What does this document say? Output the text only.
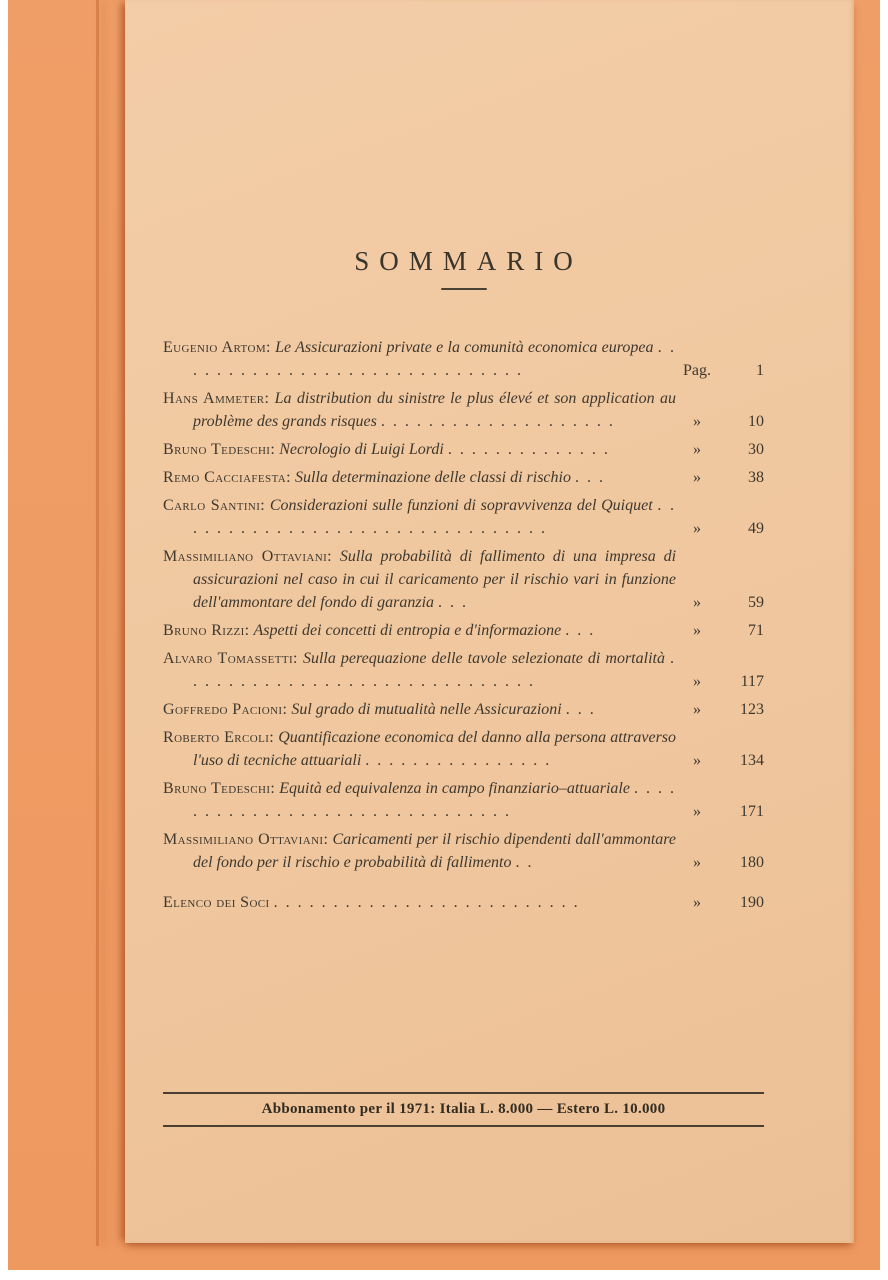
SOMMARIO
Eugenio Artom: Le Assicurazioni private e la comunità economica europea . . . . . . . . . . . . . . . . . . . . . . . . . . . . . .	Pag.	1
Hans Ammeter: La distribution du sinistre le plus élevé et son application au problème des grands risques . . . . . . . . . . . . . . . . . . . .	»	10
Bruno Tedeschi: Necrologio di Luigi Lordi . . . . . . . . . . . . . .	»	30
Remo Cacciafesta: Sulla determinazione delle classi di rischio . . .	»	38
Carlo Santini: Considerazioni sulle funzioni di sopravvivenza del Quiquet . . . . . . . . . . . . . . . . . . . . . . . . . . . . . . . .	»	49
Massimiliano Ottaviani: Sulla probabilità di fallimento di una impresa di assicurazioni nel caso in cui il caricamento per il rischio vari in funzione dell'ammontare del fondo di garanzia . . .	»	59
Bruno Rizzi: Aspetti dei concetti di entropia e d'informazione . . .	»	71
Alvaro Tomassetti: Sulla perequazione delle tavole selezionate di mortalità . . . . . . . . . . . . . . . . . . . . . . . . . . . . . .	»	117
Goffredo Pacioni: Sul grado di mutualità nelle Assicurazioni . . .	»	123
Roberto Ercoli: Quantificazione economica del danno alla persona attraverso l'uso di tecniche attuariali . . . . . . . . . . . . . . . .	»	134
Bruno Tedeschi: Equità ed equivalenza in campo finanziario–attuariale . . . . . . . . . . . . . . . . . . . . . . . . . . . . . . .	»	171
Massimiliano Ottaviani: Caricamenti per il rischio dipendenti dall'ammontare del fondo per il rischio e probabilità di fallimento . .	»	180
Elenco dei Soci . . . . . . . . . . . . . . . . . . . . . . . . . .	»	190
Abbonamento per il 1971: Italia L. 8.000 — Estero L. 10.000
